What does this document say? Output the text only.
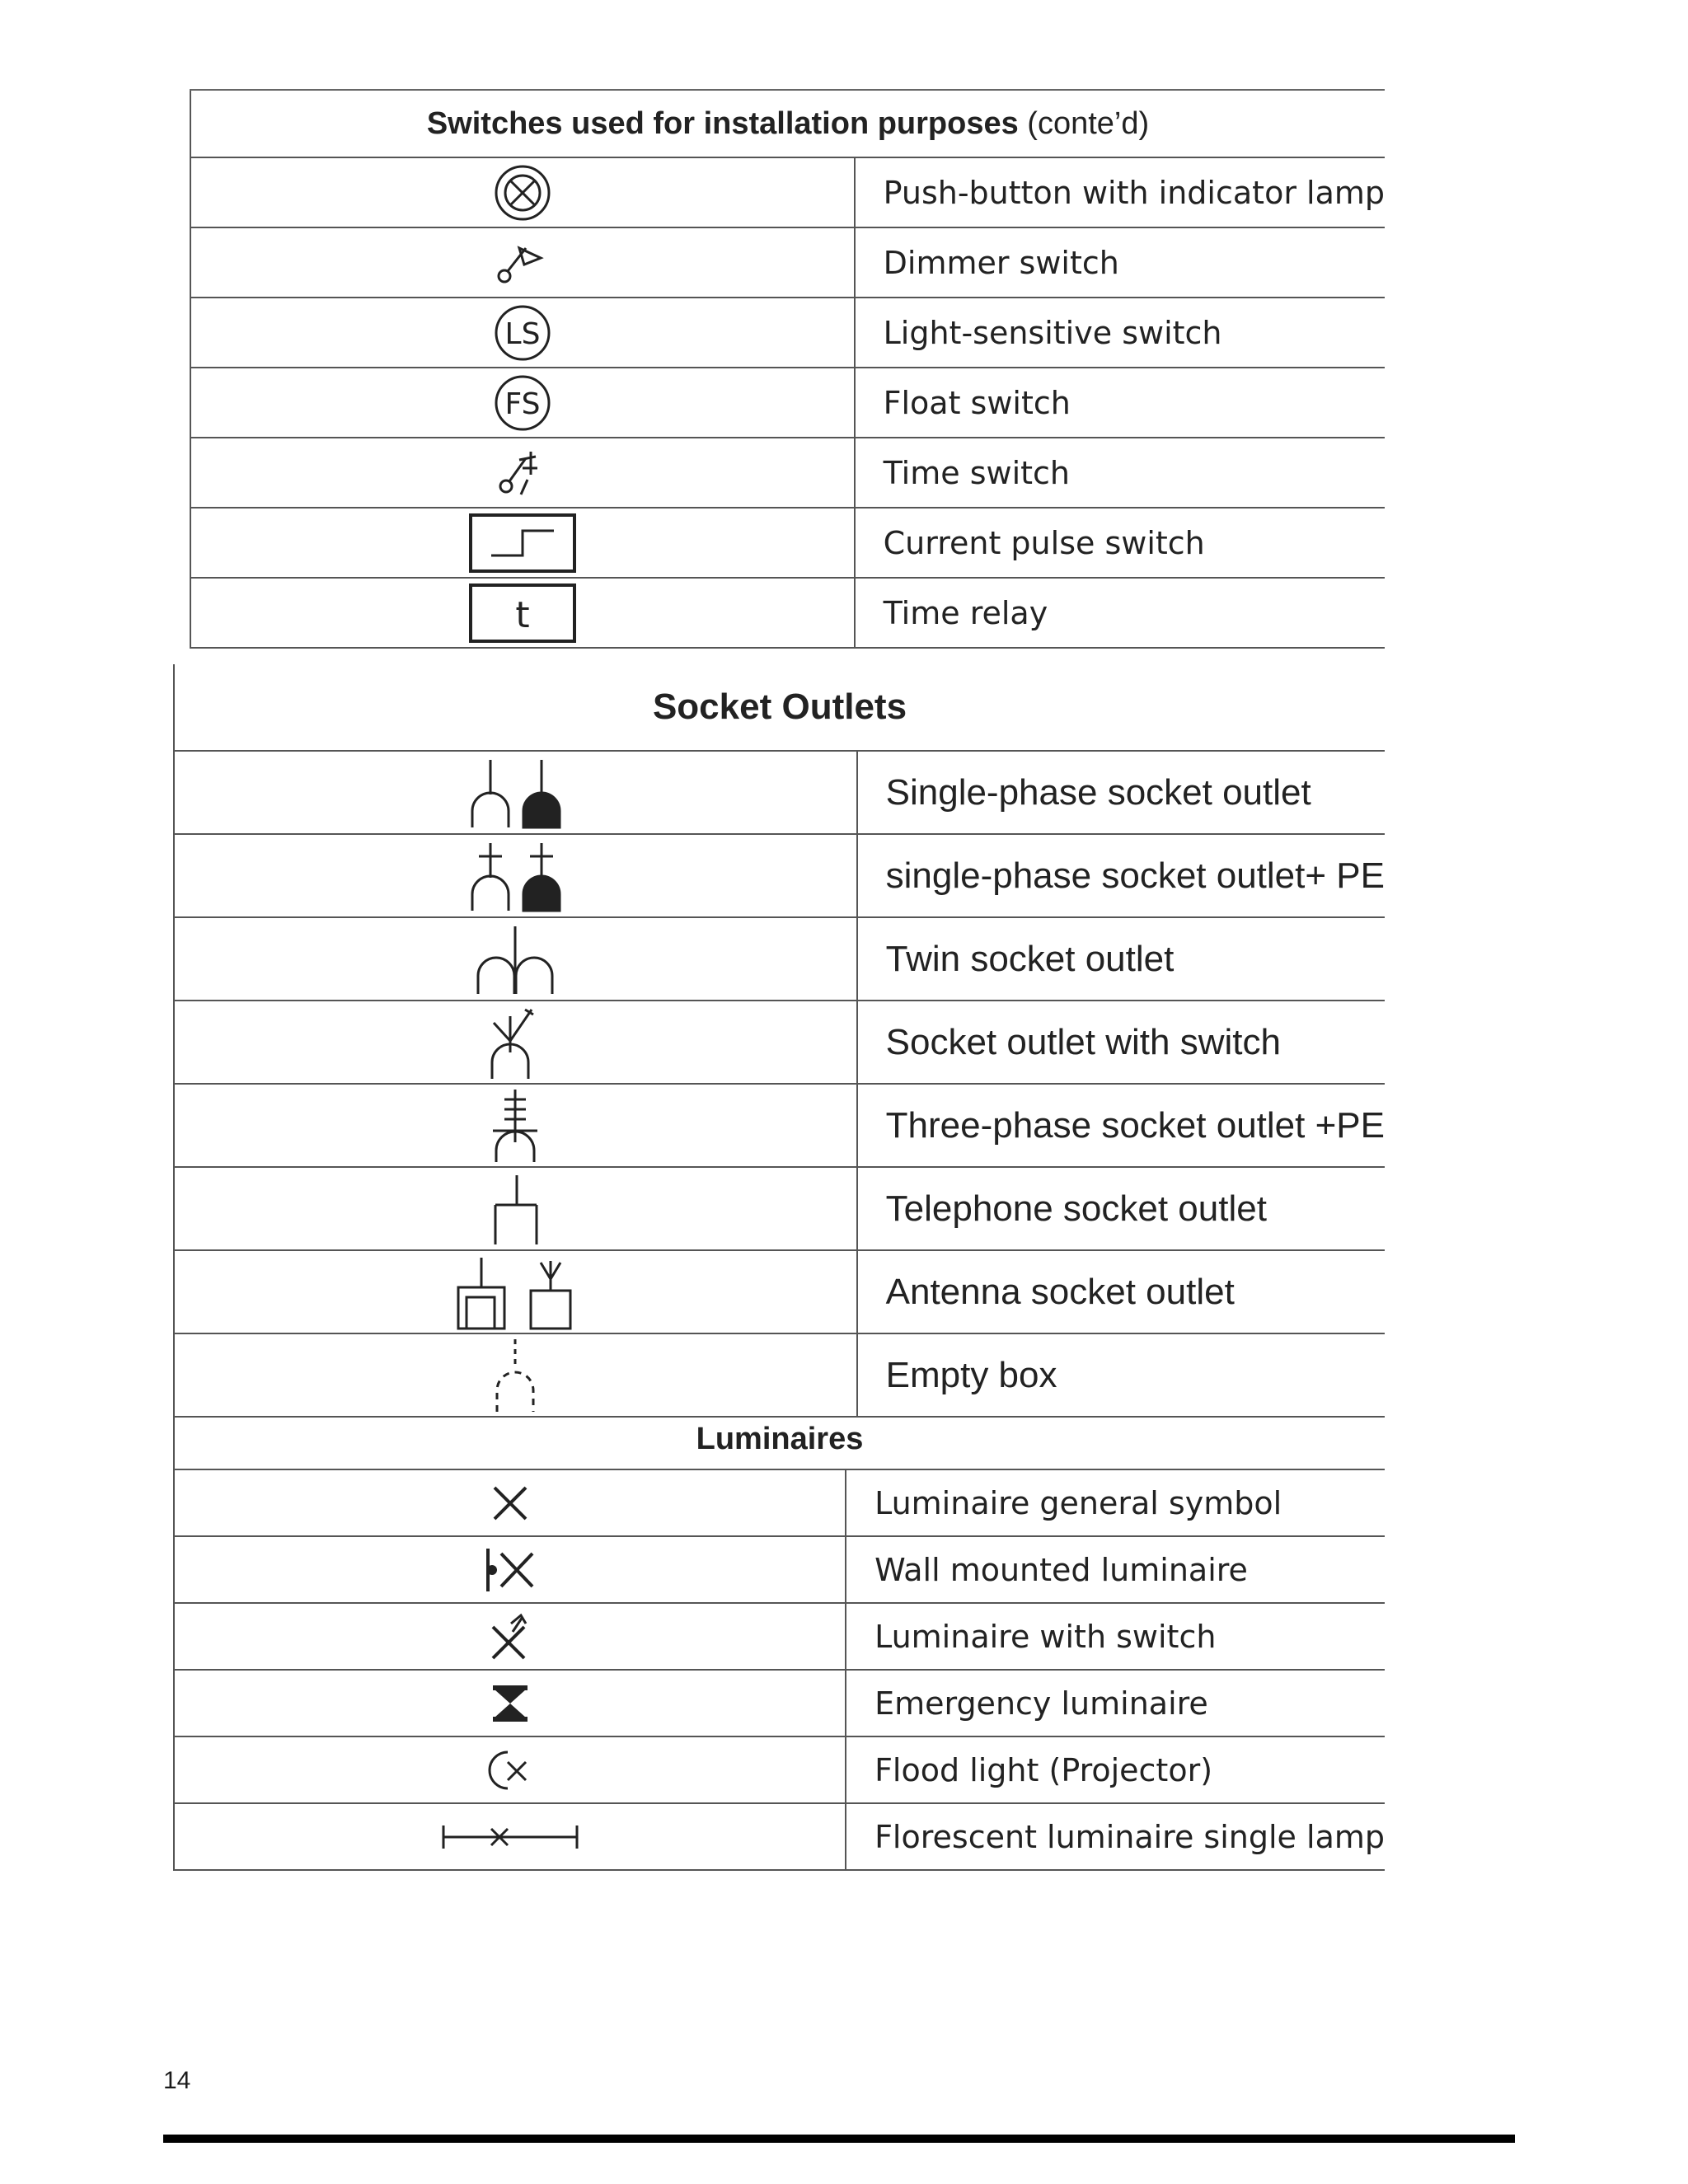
Switches used for installation purposes (conte’d)	
	Push-button with indicator lamp
	Dimmer switch

LS	Light-sensitive switch

FS	Float switch
	Time switch
	Current pulse switch

t	Time relay
Socket Outlets	
	Single-phase socket outlet
	single-phase socket outlet+ PE
	Twin socket outlet
	Socket outlet with switch
	Three-phase socket outlet +PE
	Telephone socket outlet
	Antenna socket outlet
	Empty box
Luminaires	
	Luminaire general symbol
	Wall mounted luminaire
	Luminaire with switch
	Emergency luminaire
	Flood light (Projector)
	Florescent luminaire single lamp
14
